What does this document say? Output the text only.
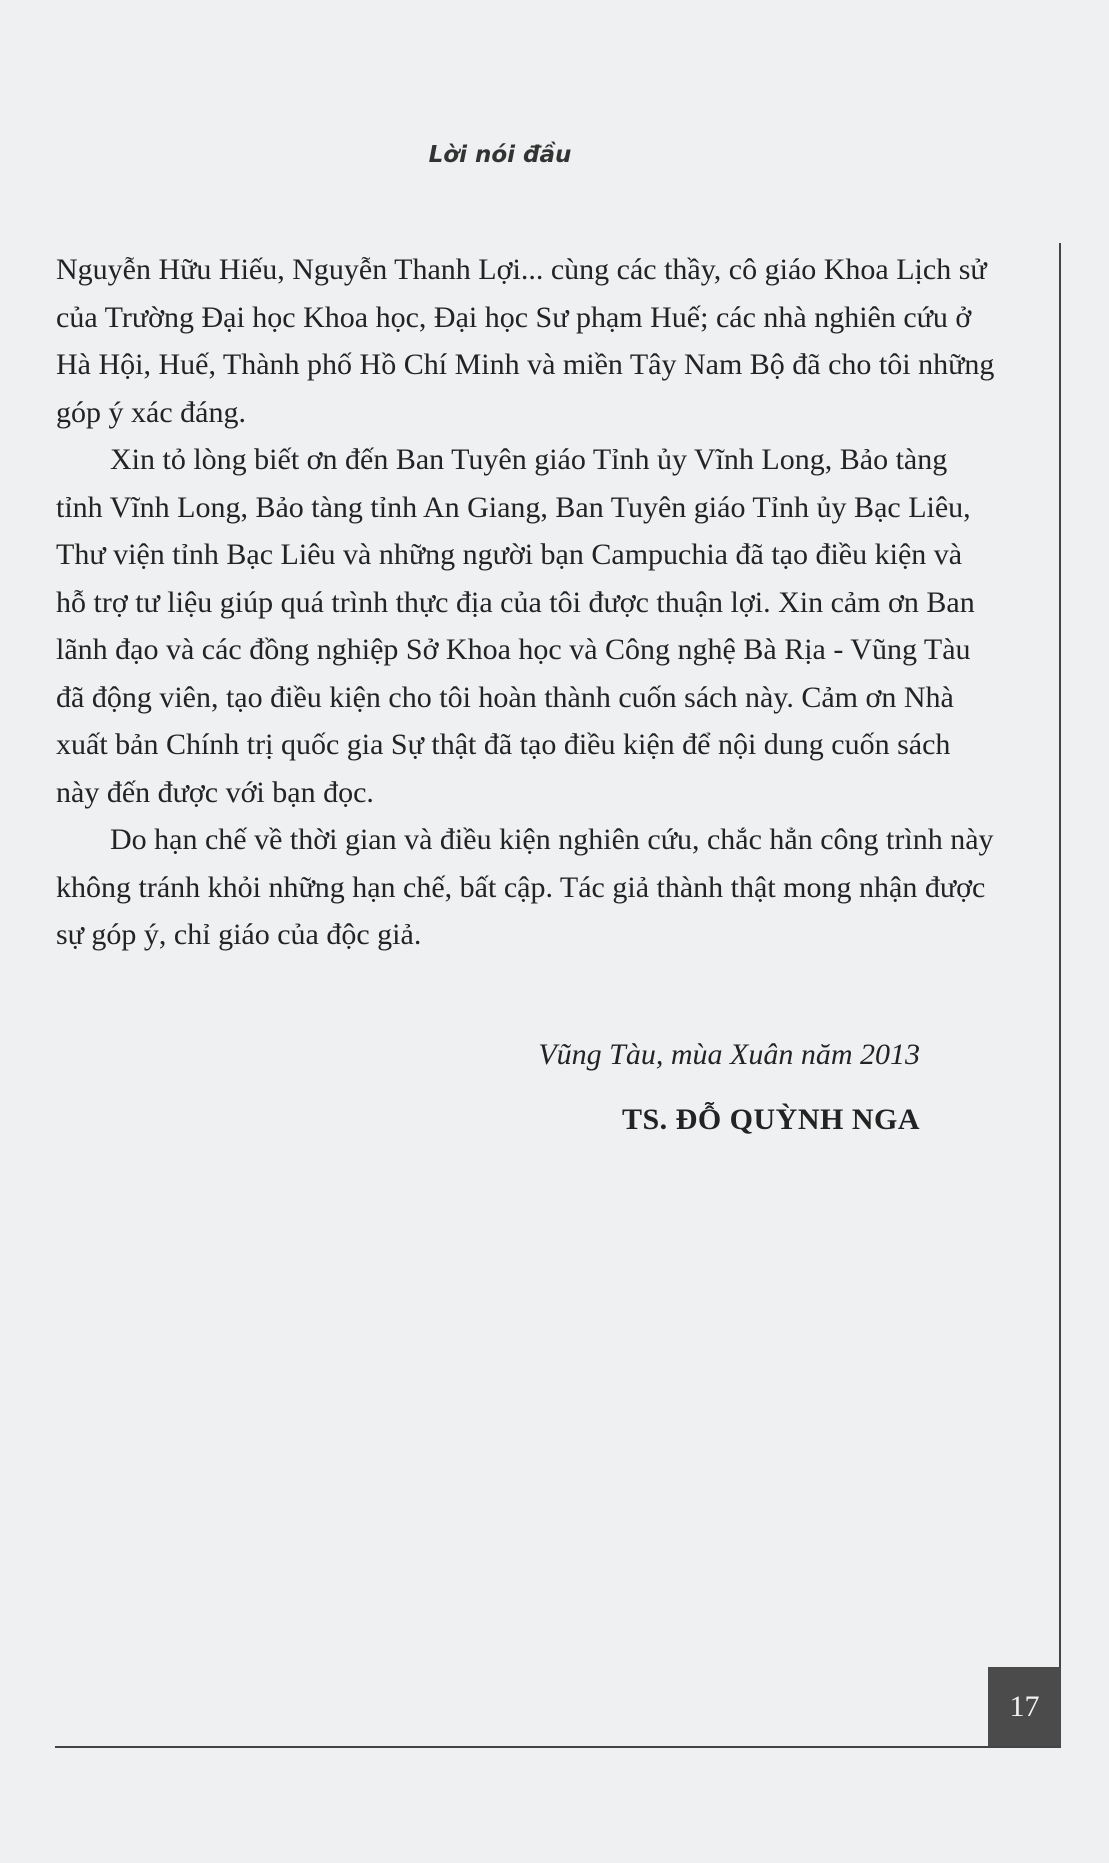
Lời nói đầu

Nguyễn Hữu Hiếu, Nguyễn Thanh Lợi... cùng các thầy, cô giáo Khoa Lịch sử của Trường Đại học Khoa học, Đại học Sư phạm Huế; các nhà nghiên cứu ở Hà Hội, Huế, Thành phố Hồ Chí Minh và miền Tây Nam Bộ đã cho tôi những góp ý xác đáng.

Xin tỏ lòng biết ơn đến Ban Tuyên giáo Tỉnh ủy Vĩnh Long, Bảo tàng tỉnh Vĩnh Long, Bảo tàng tỉnh An Giang, Ban Tuyên giáo Tỉnh ủy Bạc Liêu, Thư viện tỉnh Bạc Liêu và những người bạn Campuchia đã tạo điều kiện và hỗ trợ tư liệu giúp quá trình thực địa của tôi được thuận lợi. Xin cảm ơn Ban lãnh đạo và các đồng nghiệp Sở Khoa học và Công nghệ Bà Rịa - Vũng Tàu đã động viên, tạo điều kiện cho tôi hoàn thành cuốn sách này. Cảm ơn Nhà xuất bản Chính trị quốc gia Sự thật đã tạo điều kiện để nội dung cuốn sách này đến được với bạn đọc.

Do hạn chế về thời gian và điều kiện nghiên cứu, chắc hẳn công trình này không tránh khỏi những hạn chế, bất cập. Tác giả thành thật mong nhận được sự góp ý, chỉ giáo của độc giả.

Vũng Tàu, mùa Xuân năm 2013
TS. ĐỖ QUỲNH NGA
17
